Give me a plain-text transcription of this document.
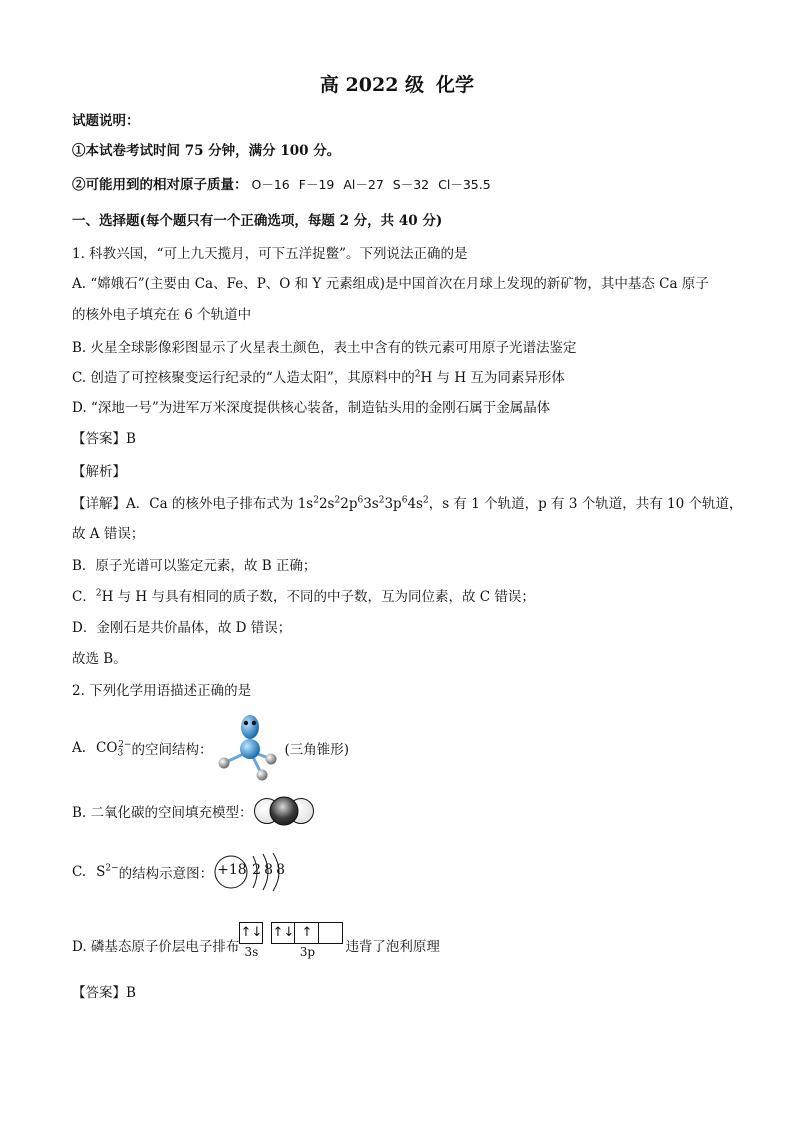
高 2022 级 化学
试题说明：
①本试卷考试时间 75 分钟，满分 100 分。
②可能用到的相对原子质量： O－16 F－19 Al－27 S－32 Cl－35.5
一、选择题(每个题只有一个正确选项，每题 2 分，共 40 分)
1. 科教兴国，“可上九天揽月，可下五洋捉鳖”。下列说法正确的是
A. “嫦娥石”(主要由 Ca、Fe、P、O 和 Y 元素组成)是中国首次在月球上发现的新矿物，其中基态 Ca 原子
的核外电子填充在 6 个轨道中
B. 火星全球影像彩图显示了火星表土颜色，表土中含有的铁元素可用原子光谱法鉴定
C. 创造了可控核聚变运行纪录的“人造太阳”，其原料中的$^2$H 与 H 互为同素异形体
D. “深地一号”为进军万米深度提供核心装备，制造钻头用的金刚石属于金属晶体
【答案】B
【解析】
【详解】A．Ca 的核外电子排布式为 $1s^22s^22p^63s^23p^64s^2$，s 有 1 个轨道，p 有 3 个轨道，共有 10 个轨道，
故 A 错误；
B．原子光谱可以鉴定元素，故 B 正确；
C．$^2$H 与 H 与具有相同的质子数，不同的中子数，互为同位素，故 C 错误；
D．金刚石是共价晶体，故 D 错误；
故选 B。
2. 下列化学用语描述正确的是
A. $CO_3^{2-}$ 的空间结构：	(三角锥形)
B. 二氧化碳的空间填充模型：
C. $S^{2-}$ 的结构示意图： +18 2 8 8
D. 磷基态原子价层电子排布
↑↓
3s
↑↓ ↑
3p 违背了泡利原理
【答案】B
